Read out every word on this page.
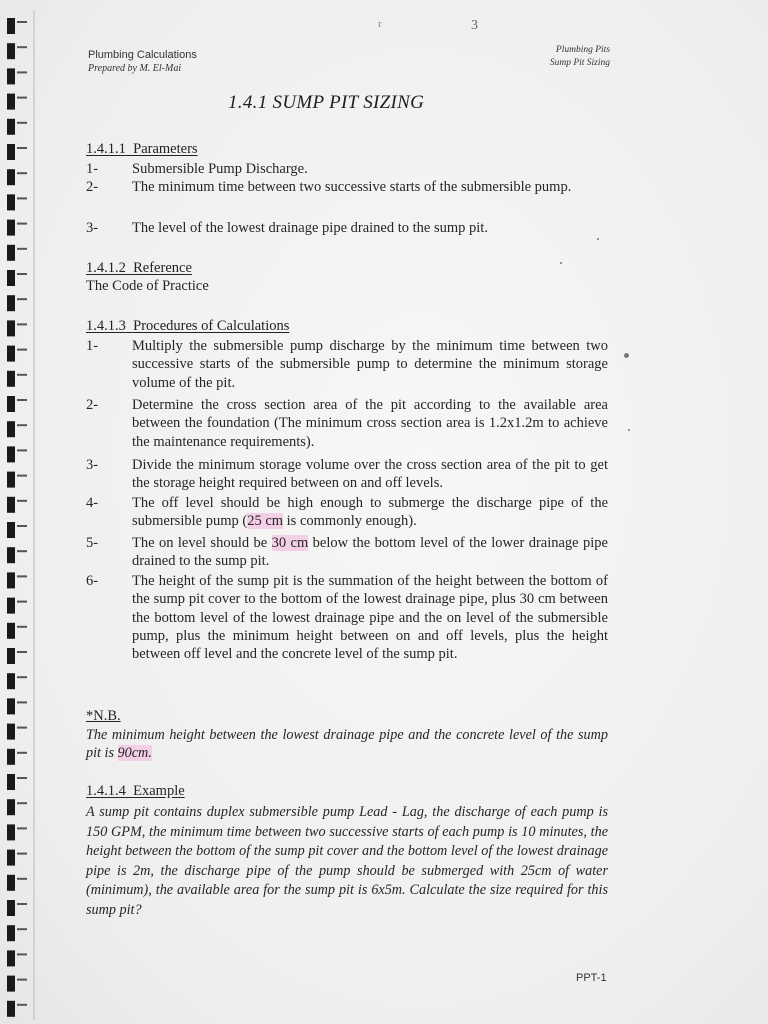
r	3
Plumbing Calculations
Prepared by M. El-Mai
Plumbing Pits
Sump Pit Sizing
1.4.1 SUMP PIT SIZING
1.4.1.1 Parameters
1- Submersible Pump Discharge.
2- The minimum time between two successive starts of the submersible pump.
3- The level of the lowest drainage pipe drained to the sump pit.
1.4.1.2 Reference
The Code of Practice
1.4.1.3 Procedures of Calculations
1- Multiply the submersible pump discharge by the minimum time between two successive starts of the submersible pump to determine the minimum storage volume of the pit.
2- Determine the cross section area of the pit according to the available area between the foundation (The minimum cross section area is 1.2x1.2m to achieve the maintenance requirements).
3- Divide the minimum storage volume over the cross section area of the pit to get the storage height required between on and off levels.
4- The off level should be high enough to submerge the discharge pipe of the submersible pump (25 cm is commonly enough).
5- The on level should be 30 cm below the bottom level of the lower drainage pipe drained to the sump pit.
6- The height of the sump pit is the summation of the height between the bottom of the sump pit cover to the bottom of the lowest drainage pipe, plus 30 cm between the bottom level of the lowest drainage pipe and the on level of the submersible pump, plus the minimum height between on and off levels, plus the height between off level and the concrete level of the sump pit.
*N.B.
The minimum height between the lowest drainage pipe and the concrete level of the sump pit is 90cm.
1.4.1.4 Example
A sump pit contains duplex submersible pump Lead - Lag, the discharge of each pump is 150 GPM, the minimum time between two successive starts of each pump is 10 minutes, the height between the bottom of the sump pit cover and the bottom level of the lowest drainage pipe is 2m, the discharge pipe of the pump should be submerged with 25cm of water (minimum), the available area for the sump pit is 6x5m. Calculate the size required for this sump pit?
PPT-1
